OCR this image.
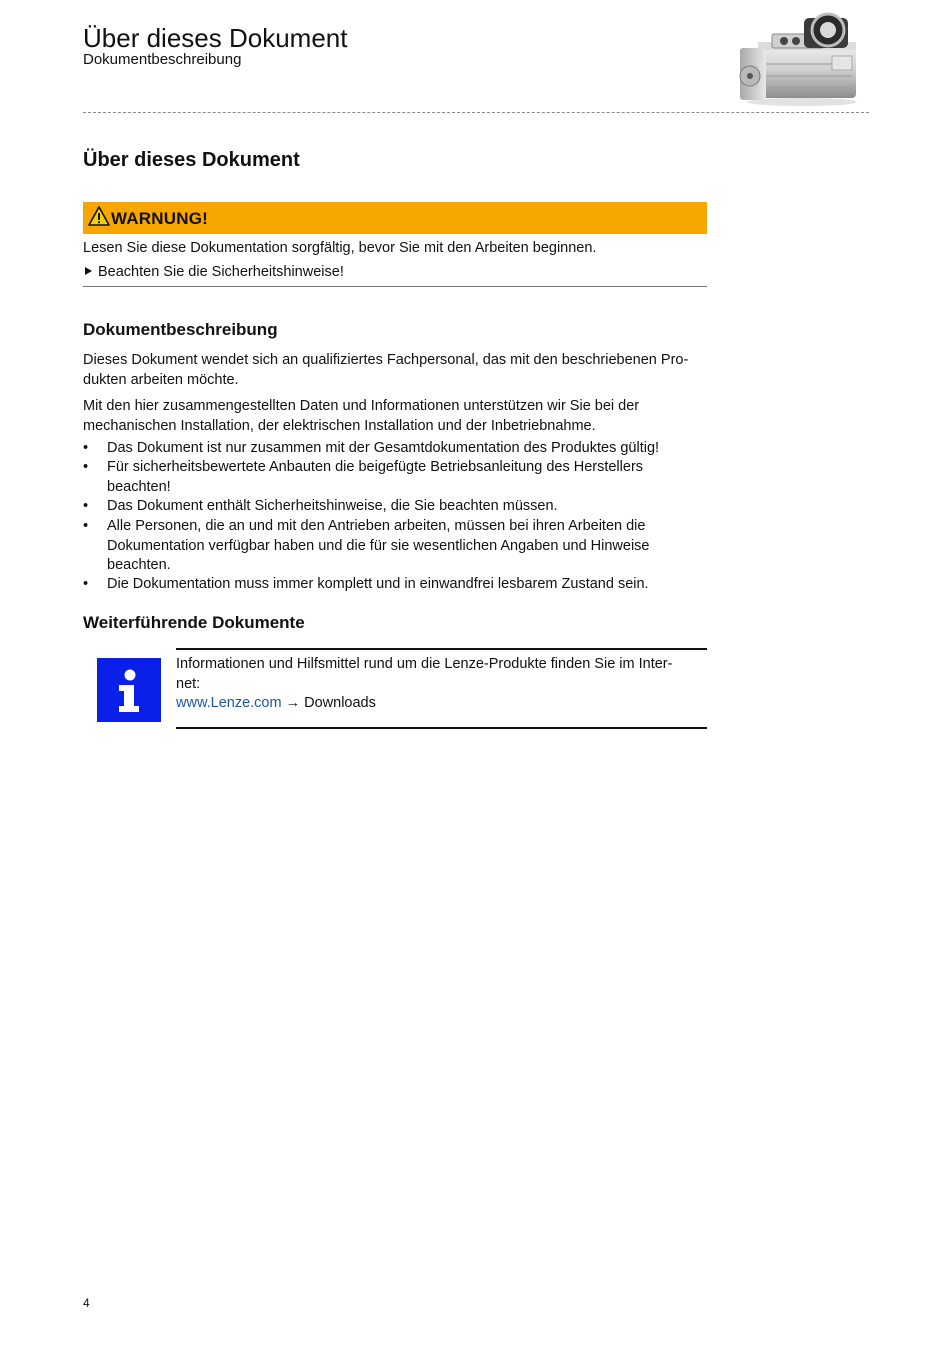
Über dieses Dokument
Dokumentbeschreibung
Über dieses Dokument
WARNUNG!
Lesen Sie diese Dokumentation sorgfältig, bevor Sie mit den Arbeiten beginnen.
Beachten Sie die Sicherheitshinweise!
Dokumentbeschreibung
Dieses Dokument wendet sich an qualifiziertes Fachpersonal, das mit den beschriebenen Pro-
dukten arbeiten möchte.
Mit den hier zusammengestellten Daten und Informationen unterstützen wir Sie bei der
mechanischen Installation, der elektrischen Installation und der Inbetriebnahme.
• Das Dokument ist nur zusammen mit der Gesamtdokumentation des Produktes gültig!
• Für sicherheitsbewertete Anbauten die beigefügte Betriebsanleitung des Herstellers
beachten!
• Das Dokument enthält Sicherheitshinweise, die Sie beachten müssen.
• Alle Personen, die an und mit den Antrieben arbeiten, müssen bei ihren Arbeiten die
Dokumentation verfügbar haben und die für sie wesentlichen Angaben und Hinweise
beachten.
• Die Dokumentation muss immer komplett und in einwandfrei lesbarem Zustand sein.
Weiterführende Dokumente
Informationen und Hilfsmittel rund um die Lenze-Produkte finden Sie im Inter-
net:
www.Lenze.com → Downloads
4
